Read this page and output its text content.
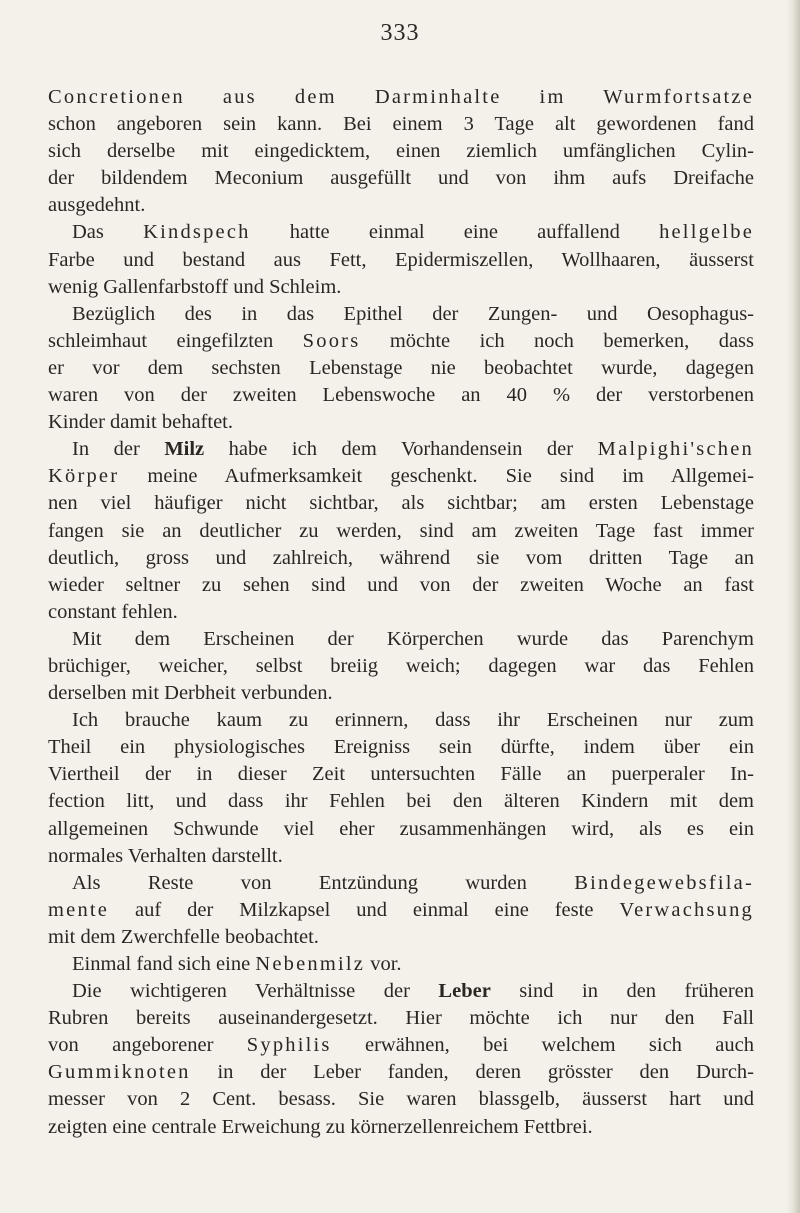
333

Concretionen aus dem Darminhalte im Wurmfortsatze

schon angeboren sein kann. Bei einem 3 Tage alt gewordenen fand

sich derselbe mit eingedicktem, einen ziemlich umfänglichen Cylin-

der bildendem Meconium ausgefüllt und von ihm aufs Dreifache

ausgedehnt.

Das Kindspech hatte einmal eine auffallend hellgelbe

Farbe und bestand aus Fett, Epidermiszellen, Wollhaaren, äusserst

wenig Gallenfarbstoff und Schleim.

Bezüglich des in das Epithel der Zungen- und Oesophagus-

schleimhaut eingefilzten Soors möchte ich noch bemerken, dass

er vor dem sechsten Lebenstage nie beobachtet wurde, dagegen

waren von der zweiten Lebenswoche an 40 % der verstorbenen

Kinder damit behaftet.

In der Milz habe ich dem Vorhandensein der Malpighi'schen

Körper meine Aufmerksamkeit geschenkt. Sie sind im Allgemei-

nen viel häufiger nicht sichtbar, als sichtbar; am ersten Lebenstage

fangen sie an deutlicher zu werden, sind am zweiten Tage fast immer

deutlich, gross und zahlreich, während sie vom dritten Tage an

wieder seltner zu sehen sind und von der zweiten Woche an fast

constant fehlen.

Mit dem Erscheinen der Körperchen wurde das Parenchym

brüchiger, weicher, selbst breiig weich; dagegen war das Fehlen

derselben mit Derbheit verbunden.

Ich brauche kaum zu erinnern, dass ihr Erscheinen nur zum

Theil ein physiologisches Ereigniss sein dürfte, indem über ein

Viertheil der in dieser Zeit untersuchten Fälle an puerperaler In-

fection litt, und dass ihr Fehlen bei den älteren Kindern mit dem

allgemeinen Schwunde viel eher zusammenhängen wird, als es ein

normales Verhalten darstellt.

Als Reste von Entzündung wurden Bindegewebsfila-

mente auf der Milzkapsel und einmal eine feste Verwachsung

mit dem Zwerchfelle beobachtet.

Einmal fand sich eine Nebenmilz vor.

Die wichtigeren Verhältnisse der Leber sind in den früheren

Rubren bereits auseinandergesetzt. Hier möchte ich nur den Fall

von angeborener Syphilis erwähnen, bei welchem sich auch

Gummiknoten in der Leber fanden, deren grösster den Durch-

messer von 2 Cent. besass. Sie waren blassgelb, äusserst hart und

zeigten eine centrale Erweichung zu körnerzellenreichem Fettbrei.
